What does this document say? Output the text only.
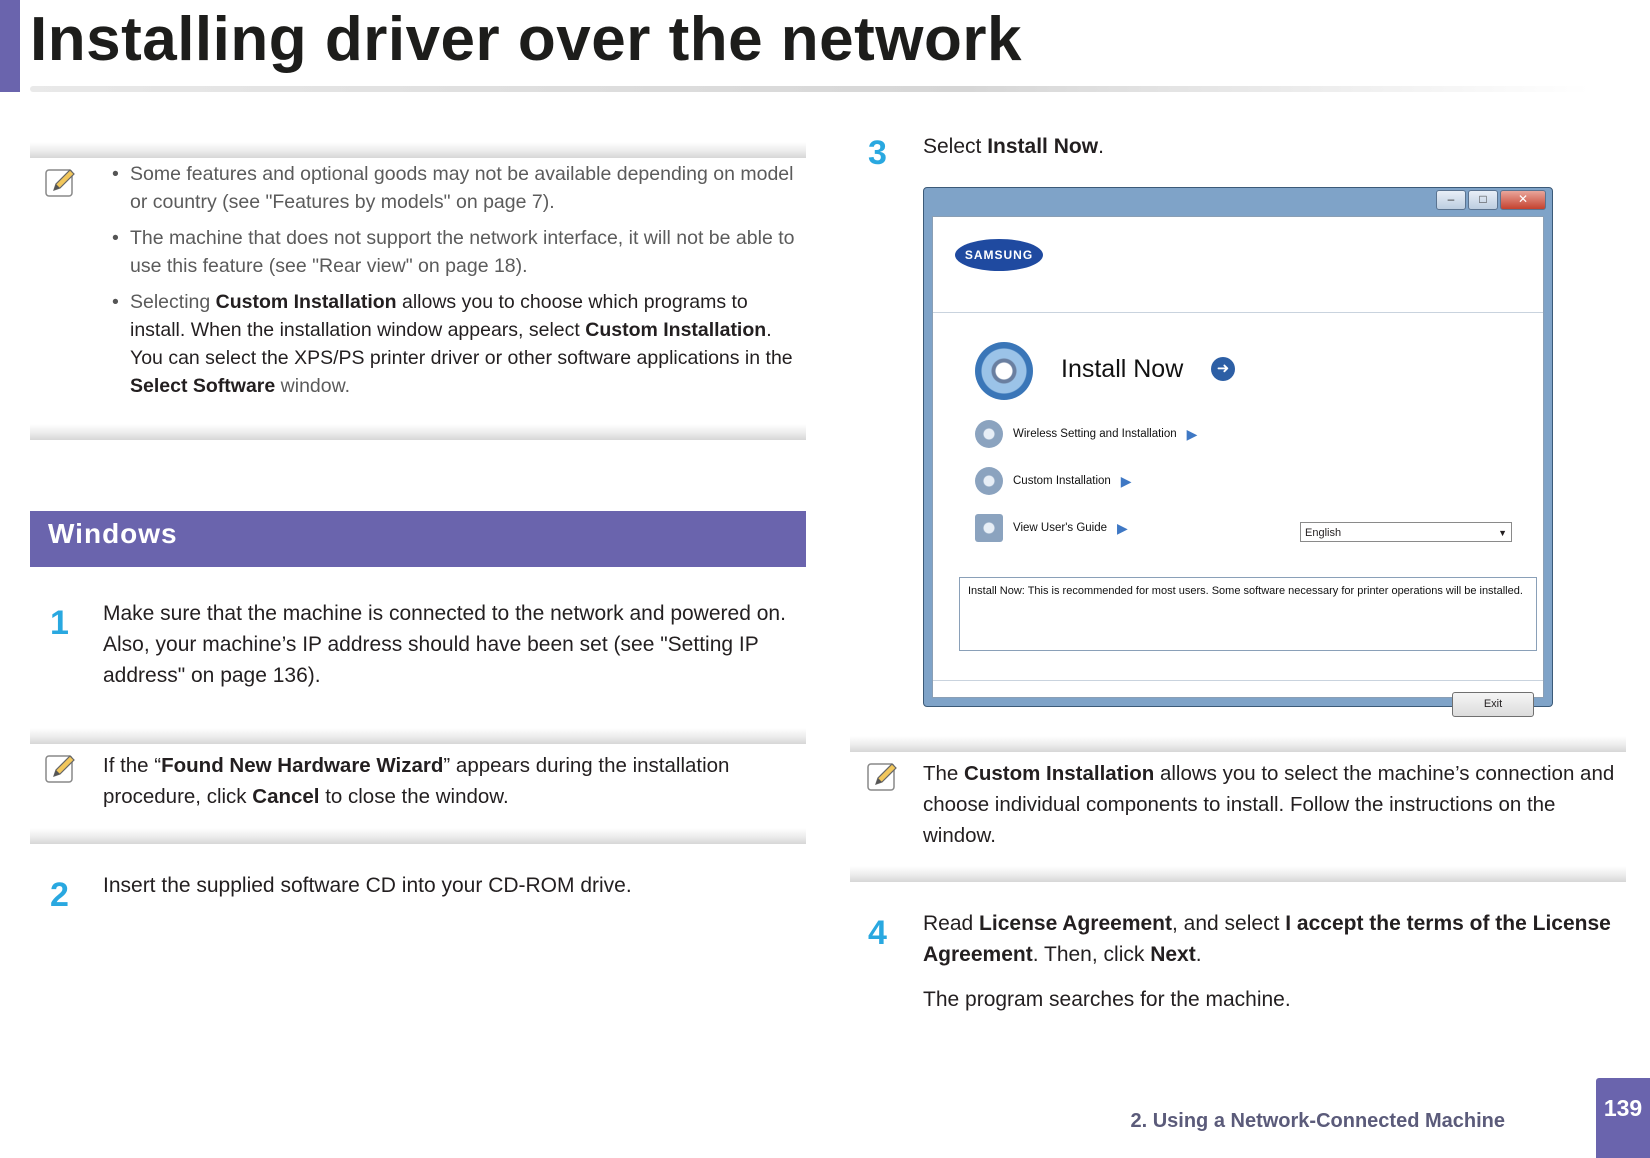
Installing driver over the network
• Some features and optional goods may not be available depending on model or country (see "Features by models" on page 7).
• The machine that does not support the network interface, it will not be able to use this feature (see "Rear view" on page 18).
• Selecting Custom Installation allows you to choose which programs to install. When the installation window appears, select Custom Installation. You can select the XPS/PS printer driver or other software applications in the Select Software window.
Windows
1 Make sure that the machine is connected to the network and powered on. Also, your machine’s IP address should have been set (see "Setting IP address" on page 136).
If the “Found New Hardware Wizard” appears during the installation procedure, click Cancel to close the window.
2 Insert the supplied software CD into your CD-ROM drive.
3 Select Install Now.
–	□	✕
SAMSUNG
Install Now	➜
Wireless Setting and Installation ▶
Custom Installation ▶
View User's Guide ▶	English	▼
Install Now: This is recommended for most users. Some software necessary for printer operations will be installed.
Exit
The Custom Installation allows you to select the machine’s connection and choose individual components to install. Follow the instructions on the window.
4 Read License Agreement, and select I accept the terms of the License Agreement. Then, click Next.
The program searches for the machine.
2. Using a Network-Connected Machine	139
